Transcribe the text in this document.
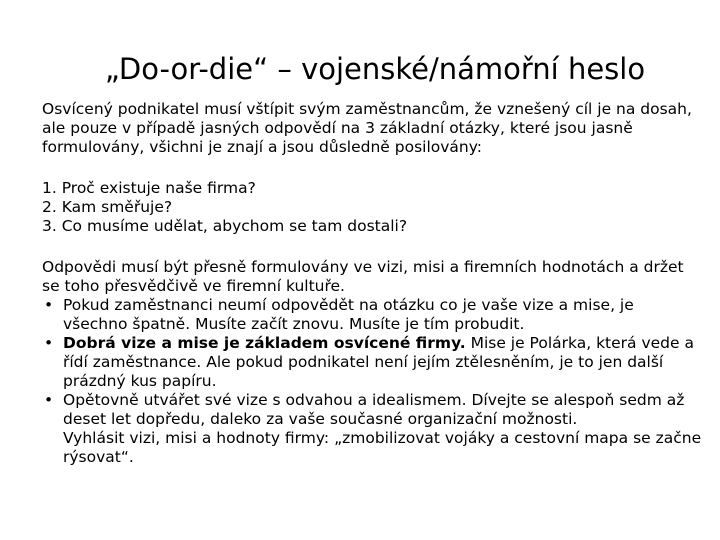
„Do-or-die“ – vojenské/námořní heslo

Osvícený podnikatel musí vštípit svým zaměstnancům, že vznešený cíl je na dosah, ale pouze v případě jasných odpovědí na 3 základní otázky, které jsou jasně formulovány, všichni je znají a jsou důsledně posilovány:

1. Proč existuje naše firma?
2. Kam směřuje?
3. Co musíme udělat, abychom se tam dostali?

Odpovědi musí být přesně formulovány ve vizi, misi a firemních hodnotách a držet se toho přesvědčivě ve firemní kultuře.

• Pokud zaměstnanci neumí odpovědět na otázku co je vaše vize a mise, je všechno špatně. Musíte začít znovu. Musíte je tím probudit.
• Dobrá vize a mise je základem osvícené firmy. Mise je Polárka, která vede a řídí zaměstnance. Ale pokud podnikatel není jejím ztělesněním, je to jen další prázdný kus papíru.
• Opětovně utvářet své vize s odvahou a idealismem. Dívejte se alespoň sedm až deset let dopředu, daleko za vaše současné organizační možnosti.
Vyhlásit vizi, misi a hodnoty firmy: „zmobilizovat vojáky a cestovní mapa se začne rýsovat“.
